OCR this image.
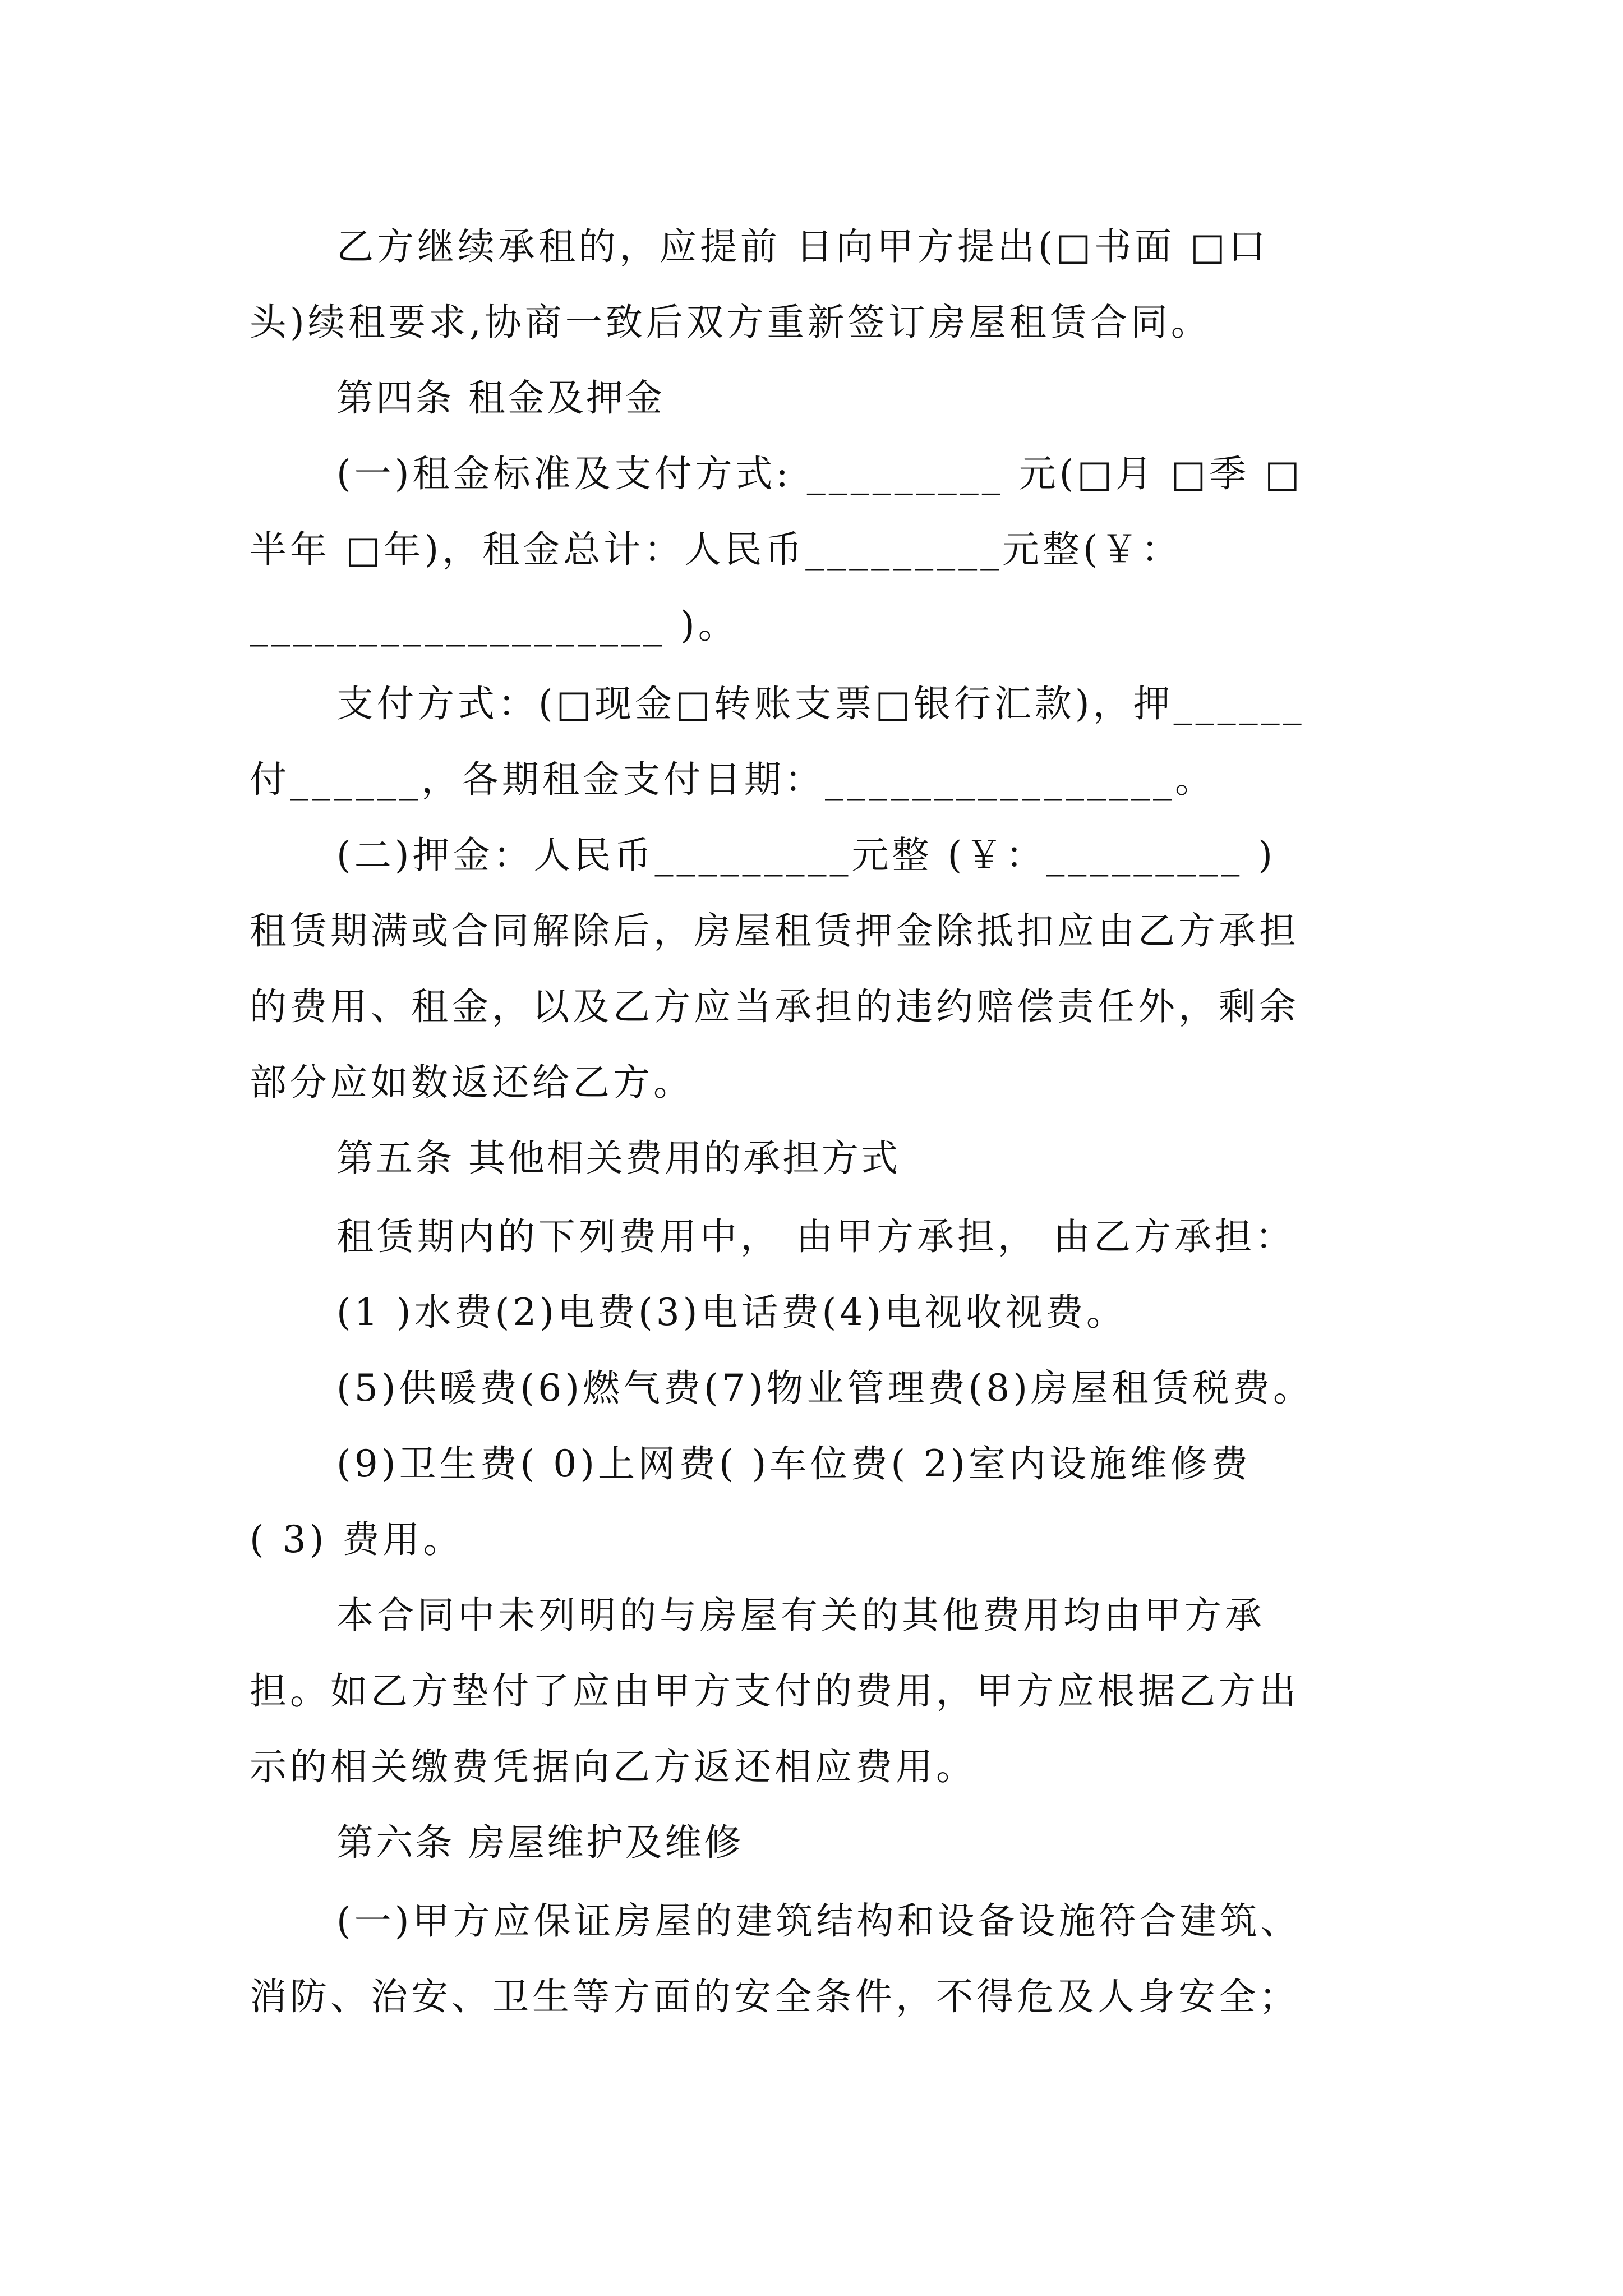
乙方继续承租的，应提前 日向甲方提出(□书面 □口
头)续租要求,协商一致后双方重新签订房屋租赁合同。
第四条 租金及押金
(一)租金标准及支付方式: _________ 元(□月 □季 □
半年 □年)，租金总计：人民币_________元整(￥：
___________________ )。
支付方式：(□现金□转账支票□银行汇款)，押______
付______，各期租金支付日期：________________。
(二)押金：人民币_________元整 (￥：_________ )
租赁期满或合同解除后，房屋租赁押金除抵扣应由乙方承担
的费用、租金，以及乙方应当承担的违约赔偿责任外，剩余
部分应如数返还给乙方。
第五条 其他相关费用的承担方式
租赁期内的下列费用中， 由甲方承担， 由乙方承担：
(1 )水费(2)电费(3)电话费(4)电视收视费。
(5)供暖费(6)燃气费(7)物业管理费(8)房屋租赁税费。
(9)卫生费( 0)上网费( )车位费( 2)室内设施维修费
( 3) 费用。
本合同中未列明的与房屋有关的其他费用均由甲方承
担。如乙方垫付了应由甲方支付的费用，甲方应根据乙方出
示的相关缴费凭据向乙方返还相应费用。
第六条 房屋维护及维修
(一)甲方应保证房屋的建筑结构和设备设施符合建筑、
消防、治安、卫生等方面的安全条件，不得危及人身安全；
